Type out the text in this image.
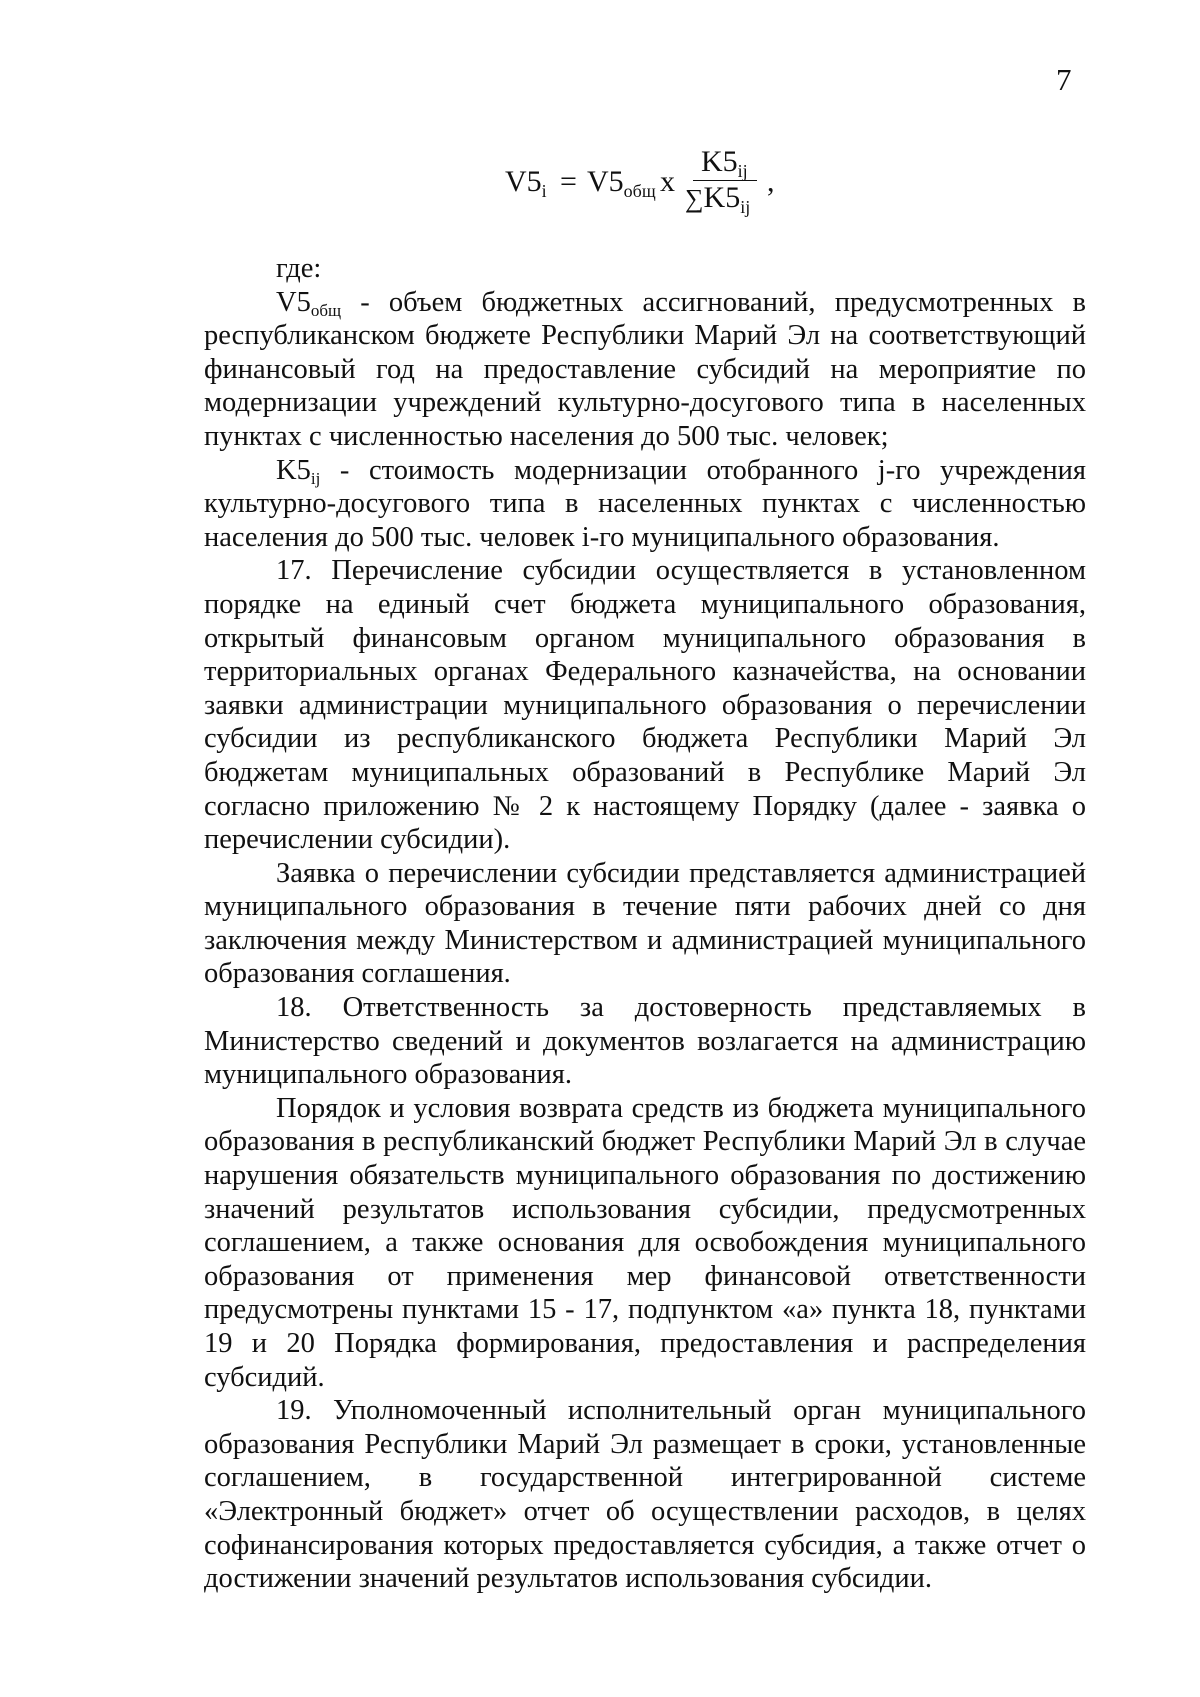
7
$V5_i = V5_{общ}$ x
$K5_{ij}$
$\sum K5_{ij}$
,

где:

$V5_{общ}$ - объем бюджетных ассигнований, предусмотренных в республиканском бюджете Республики Марий Эл на соответствующий финансовый год на предоставление субсидий на мероприятие по модернизации учреждений культурно-досугового типа в населенных пунктах с численностью населения до 500 тыс. человек;

$K5_{ij}$ - стоимость модернизации отобранного j-го учреждения культурно-досугового типа в населенных пунктах с численностью населения до 500 тыс. человек i-го муниципального образования.

17. Перечисление субсидии осуществляется в установленном порядке на единый счет бюджета муниципального образования, открытый финансовым органом муниципального образования в территориальных органах Федерального казначейства, на основании заявки администрации муниципального образования о перечислении субсидии из республиканского бюджета Республики Марий Эл бюджетам муниципальных образований в Республике Марий Эл согласно приложению № 2 к настоящему Порядку (далее - заявка о перечислении субсидии).

Заявка о перечислении субсидии представляется администрацией муниципального образования в течение пяти рабочих дней со дня заключения между Министерством и администрацией муниципального образования соглашения.

18. Ответственность за достоверность представляемых в Министерство сведений и документов возлагается на администрацию муниципального образования.

Порядок и условия возврата средств из бюджета муниципального образования в республиканский бюджет Республики Марий Эл в случае нарушения обязательств муниципального образования по достижению значений результатов использования субсидии, предусмотренных соглашением, а также основания для освобождения муниципального образования от применения мер финансовой ответственности предусмотрены пунктами 15 - 17, подпунктом «а» пункта 18, пунктами 19 и 20 Порядка формирования, предоставления и распределения субсидий.

19. Уполномоченный исполнительный орган муниципального образования Республики Марий Эл размещает в сроки, установленные соглашением, в государственной интегрированной системе «Электронный бюджет» отчет об осуществлении расходов, в целях софинансирования которых предоставляется субсидия, а также отчет о достижении значений результатов использования субсидии.
